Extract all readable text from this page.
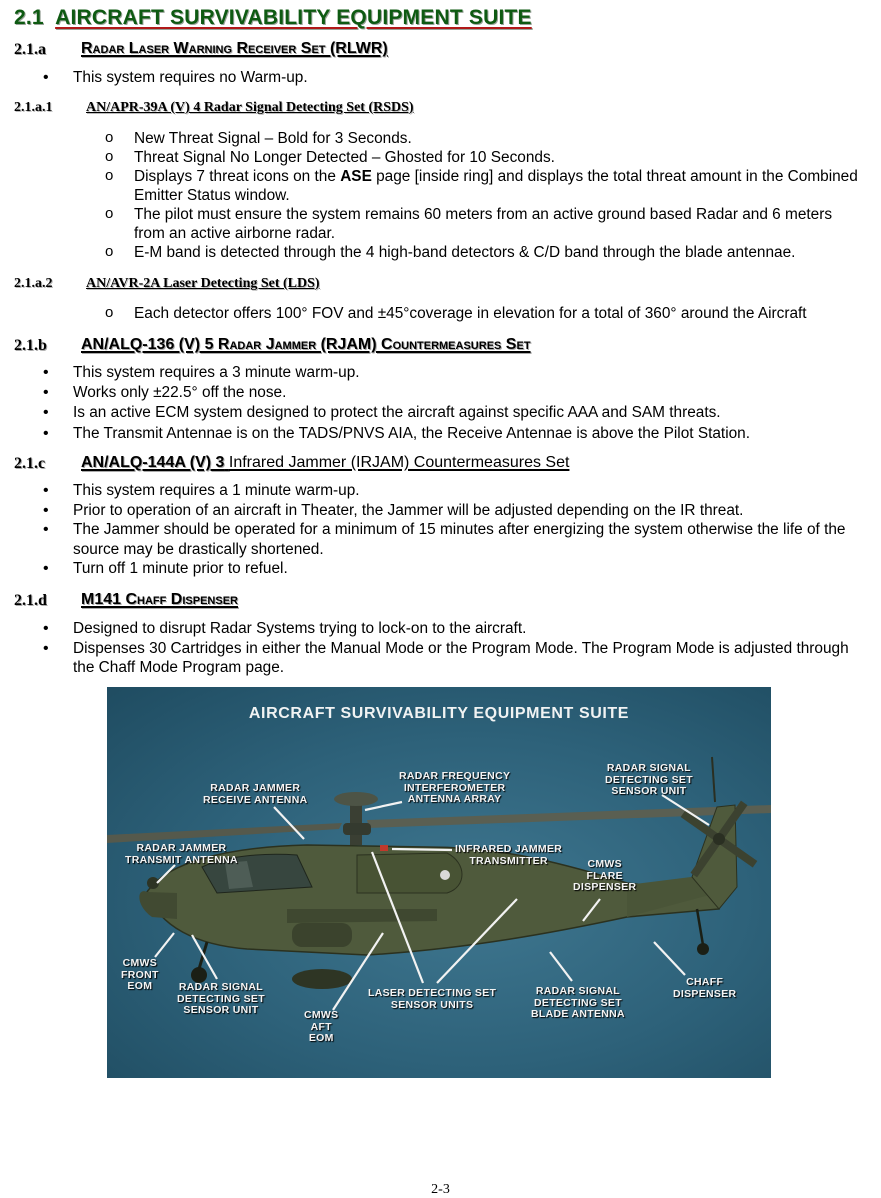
2.1 AIRCRAFT SURVIVABILITY EQUIPMENT SUITE
2.1.a Radar Laser Warning Receiver Set (RLWR)
• This system requires no Warm-up.
2.1.a.1 AN/APR-39A (V) 4 Radar Signal Detecting Set (RSDS)
o New Threat Signal – Bold for 3 Seconds.
o Threat Signal No Longer Detected – Ghosted for 10 Seconds.
o Displays 7 threat icons on the ASE page [inside ring] and displays the total threat amount in the Combined Emitter Status window.
o The pilot must ensure the system remains 60 meters from an active ground based Radar and 6 meters from an active airborne radar.
o E-M band is detected through the 4 high-band detectors & C/D band through the blade antennae.
2.1.a.2 AN/AVR-2A Laser Detecting Set (LDS)
o Each detector offers 100° FOV and ±45°coverage in elevation for a total of 360° around the Aircraft
2.1.b AN/ALQ-136 (V) 5 Radar Jammer (RJAM) Countermeasures Set
• This system requires a 3 minute warm-up.
• Works only ±22.5° off the nose.
• Is an active ECM system designed to protect the aircraft against specific AAA and SAM threats.
• The Transmit Antennae is on the TADS/PNVS AIA, the Receive Antennae is above the Pilot Station.
2.1.c AN/ALQ-144A (V) 3 Infrared Jammer (IRJAM) Countermeasures Set
• This system requires a 1 minute warm-up.
• Prior to operation of an aircraft in Theater, the Jammer will be adjusted depending on the IR threat.
• The Jammer should be operated for a minimum of 15 minutes after energizing the system otherwise the life of the source may be drastically shortened.
• Turn off 1 minute prior to refuel.
2.1.d M141 Chaff Dispenser
• Designed to disrupt Radar Systems trying to lock-on to the aircraft.
• Dispenses 30 Cartridges in either the Manual Mode or the Program Mode. The Program Mode is adjusted through the Chaff Mode Program page.
AIRCRAFT SURVIVABILITY EQUIPMENT SUITE
RADAR JAMMER
RECEIVE ANTENNA
RADAR FREQUENCY
INTERFEROMETER
ANTENNA ARRAY
RADAR SIGNAL
DETECTING SET
SENSOR UNIT
RADAR JAMMER
TRANSMIT ANTENNA
INFRARED JAMMER
TRANSMITTER	CMWS
FLARE
DISPENSER
CMWS
FRONT
EOM	RADAR SIGNAL
DETECTING SET
SENSOR UNIT	CMWS
AFT
EOM
LASER DETECTING SET
SENSOR UNITS
RADAR SIGNAL
DETECTING SET
BLADE ANTENNA
CHAFF
DISPENSER
2-3
